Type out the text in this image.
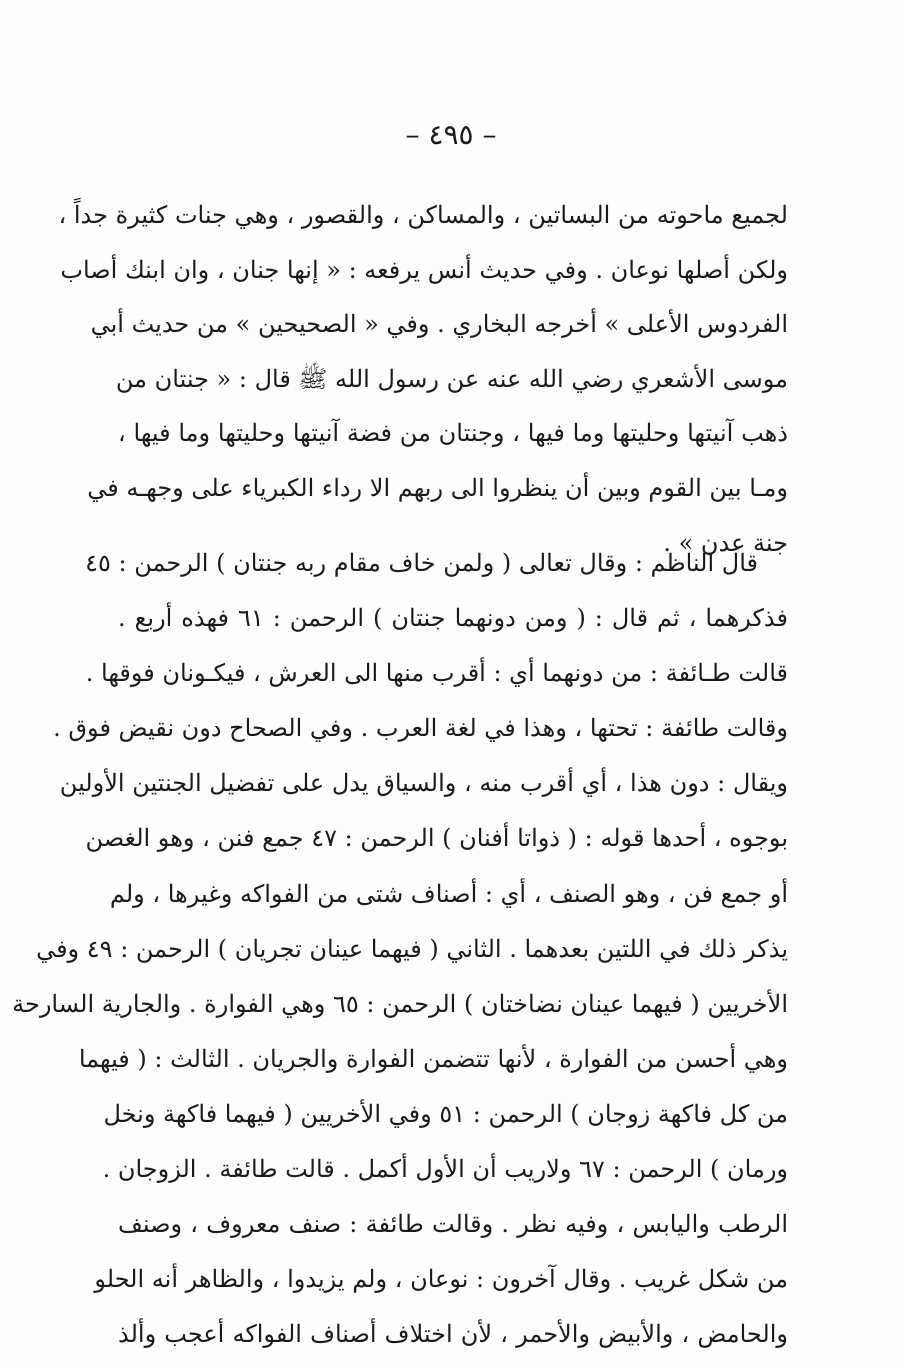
– ٤٩٥ –
لجميع ماحوته من البساتين ، والمساكن ، والقصور ، وهي جنات كثيرة جداً ،
ولكن أصلها نوعان . وفي حديث أنس يرفعه : « إنها جنان ، وان ابنك أصاب
الفردوس الأعلى » أخرجه البخاري . وفي « الصحيحين » من حديث أبي
موسى الأشعري رضي الله عنه عن رسول الله ﷺ قال : « جنتان من
ذهب آنيتها وحليتها وما فيها ، وجنتان من فضة آنيتها وحليتها وما فيها ،
ومـا بين القوم وبين أن ينظروا الى ربهم الا رداء الكبرياء على وجهـه في
جنة عدن » .
قال الناظم : وقال تعالى ( ولمن خاف مقام ربه جنتان ) الرحمن : ٤٥
فذكرهما ، ثم قال : ( ومن دونهما جنتان ) الرحمن : ٦١ فهذه أربع .
قالت طـائفة : من دونهما أي : أقرب منها الى العرش ، فيكـونان فوقها .
وقالت طائفة : تحتها ، وهذا في لغة العرب . وفي الصحاح دون نقيض فوق .
ويقال : دون هذا ، أي أقرب منه ، والسياق يدل على تفضيل الجنتين الأولين
بوجوه ، أحدها قوله : ( ذواتا أفنان ) الرحمن : ٤٧ جمع فنن ، وهو الغصن
أو جمع فن ، وهو الصنف ، أي : أصناف شتى من الفواكه وغيرها ، ولم
يذكر ذلك في اللتين بعدهما . الثاني ( فيهما عينان تجريان ) الرحمن : ٤٩ وفي
الأخريين ( فيهما عينان نضاختان ) الرحمن : ٦٥ وهي الفوارة . والجارية السارحة
وهي أحسن من الفوارة ، لأنها تتضمن الفوارة والجريان . الثالث : ( فيهما
من كل فاكهة زوجان ) الرحمن : ٥١ وفي الأخريين ( فيهما فاكهة ونخل
ورمان ) الرحمن : ٦٧ ولاريب أن الأول أكمل . قالت طائفة . الزوجان .
الرطب واليابس ، وفيه نظر . وقالت طائفة : صنف معروف ، وصنف
من شكل غريب . وقال آخرون : نوعان ، ولم يزيدوا ، والظاهر أنه الحلو
والحامض ، والأبيض والأحمر ، لأن اختلاف أصناف الفواكه أعجب وألذ
